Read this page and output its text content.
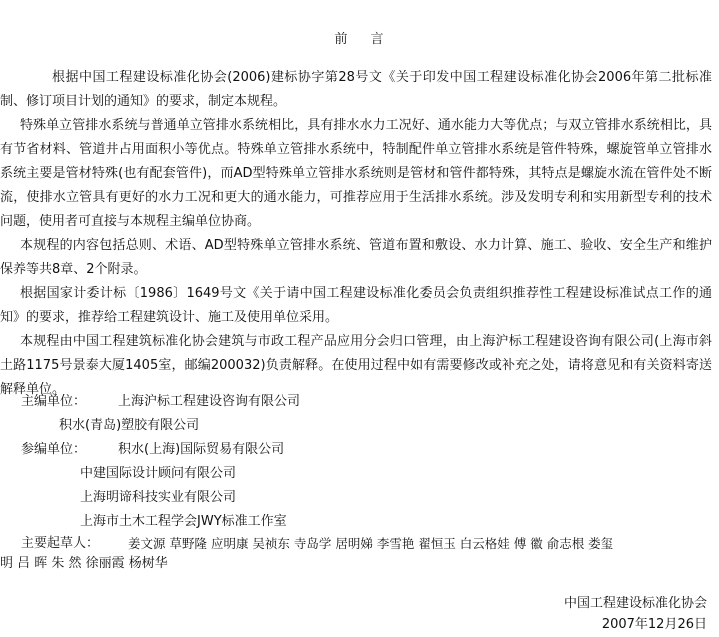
前 言
根据中国工程建设标准化协会(2006)建标协字第28号文《关于印发中国工程建设标准化协会2006年第二批标准制、修订项目计划的通知》的要求，制定本规程。
特殊单立管排水系统与普通单立管排水系统相比，具有排水水力工况好、通水能力大等优点；与双立管排水系统相比，具有节省材料、管道井占用面积小等优点。特殊单立管排水系统中，特制配件单立管排水系统是管件特殊，螺旋管单立管排水系统主要是管材特殊(也有配套管件)，而AD型特殊单立管排水系统则是管材和管件都特殊，其特点是螺旋水流在管件处不断流，使排水立管具有更好的水力工况和更大的通水能力，可推荐应用于生活排水系统。涉及发明专利和实用新型专利的技术问题，使用者可直接与本规程主编单位协商。
本规程的内容包括总则、术语、AD型特殊单立管排水系统、管道布置和敷设、水力计算、施工、验收、安全生产和维护保养等共8章、2个附录。
根据国家计委计标〔1986〕1649号文《关于请中国工程建设标准化委员会负责组织推荐性工程建设标准试点工作的通知》的要求，推荐给工程建筑设计、施工及使用单位采用。
本规程由中国工程建筑标准化协会建筑与市政工程产品应用分会归口管理，由上海沪标工程建设咨询有限公司(上海市斜土路1175号景泰大厦1405室，邮编200032)负责解释。在使用过程中如有需要修改或补充之处，请将意见和有关资料寄送解释单位。
主编单位： 上海沪标工程建设咨询有限公司
积水(青岛)塑胶有限公司
参编单位： 积水(上海)国际贸易有限公司
中建国际设计顾问有限公司
上海明谛科技实业有限公司
上海市土木工程学会JWY标准工作室
主要起草人： 姜文源 草野隆 应明康 吴祯东 寺岛学 居明娣 李雪艳 翟恒玉 白云格娃 傅 徽 俞志根 娄玺
明 吕 晖 朱 然 徐丽霞 杨树华
中国工程建设标准化协会
2007年12月26日
